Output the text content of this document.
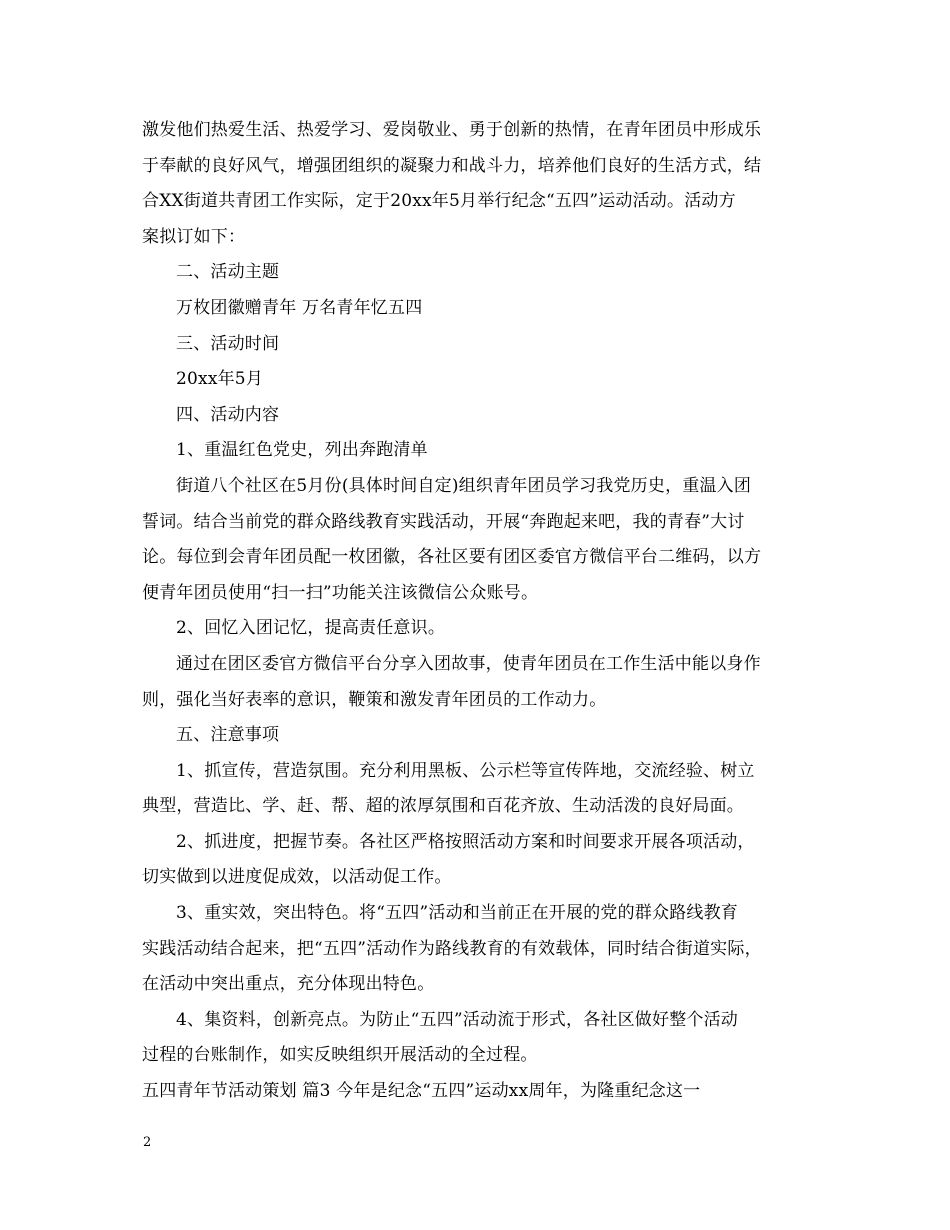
激发他们热爱生活、热爱学习、爱岗敬业、勇于创新的热情，在青年团员中形成乐
于奉献的良好风气，增强团组织的凝聚力和战斗力，培养他们良好的生活方式，结
合XX街道共青团工作实际，定于20xx年5月举行纪念“五四”运动活动。活动方
案拟订如下：
二、活动主题
万枚团徽赠青年 万名青年忆五四
三、活动时间
20xx年5月
四、活动内容
1、重温红色党史，列出奔跑清单
街道八个社区在5月份(具体时间自定)组织青年团员学习我党历史，重温入团
誓词。结合当前党的群众路线教育实践活动，开展“奔跑起来吧，我的青春”大讨
论。每位到会青年团员配一枚团徽，各社区要有团区委官方微信平台二维码，以方
便青年团员使用“扫一扫”功能关注该微信公众账号。
2、回忆入团记忆，提高责任意识。
通过在团区委官方微信平台分享入团故事，使青年团员在工作生活中能以身作
则，强化当好表率的意识，鞭策和激发青年团员的工作动力。
五、注意事项
1、抓宣传，营造氛围。充分利用黑板、公示栏等宣传阵地，交流经验、树立
典型，营造比、学、赶、帮、超的浓厚氛围和百花齐放、生动活泼的良好局面。
2、抓进度，把握节奏。各社区严格按照活动方案和时间要求开展各项活动，
切实做到以进度促成效，以活动促工作。
3、重实效，突出特色。将“五四”活动和当前正在开展的党的群众路线教育
实践活动结合起来，把“五四”活动作为路线教育的有效载体，同时结合街道实际，
在活动中突出重点，充分体现出特色。
4、集资料，创新亮点。为防止“五四”活动流于形式，各社区做好整个活动
过程的台账制作，如实反映组织开展活动的全过程。
五四青年节活动策划 篇3 今年是纪念“五四”运动xx周年，为隆重纪念这一
2
